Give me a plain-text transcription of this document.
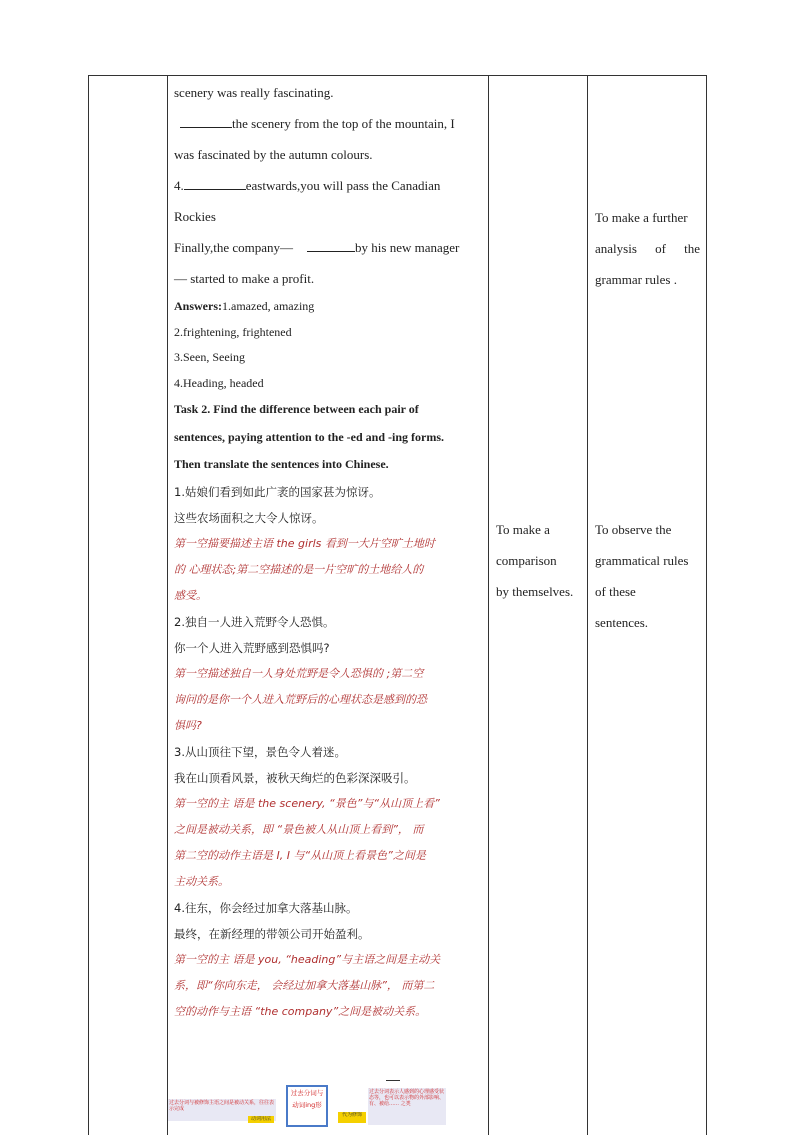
scenery was really fascinating.
the scenery from the top of the mountain, I
was fascinated by the autumn colours.
4.	eastwards,you will pass the Canadian
Rockies
Finally,the company—	by his new manager
— started to make a profit.
Answers:1.amazed, amazing
2.frightening, frightened
3.Seen, Seeing
4.Heading, headed
Task 2. Find the difference between each pair of
sentences, paying attention to the -ed and -ing forms.
Then translate the sentences into Chinese.
1.姑娘们看到如此广袤的国家甚为惊讶。
这些农场面积之大令人惊讶。
第一空描要描述主语 the girls 看到一大片空旷土地时
的 心理状态;第二空描述的是一片空旷的土地给人的
感受。
2.独自一人进入荒野令人恐惧。
你一个人进入荒野感到恐惧吗?
第一空描述独自一人身处荒野是令人恐惧的 ;第二空
询问的是你一个人进入荒野后的心理状态是感到的恐
惧吗?
3.从山顶往下望，景色令人着迷。
我在山顶看风景，被秋天绚烂的色彩深深吸引。
第一空的主 语是 the scenery, “景色”与“从山顶上看”
之间是被动关系，即 “景色被人从山顶上看到”， 而
第二空的动作主语是 I, I 与“从山顶上看景色”之间是
主动关系。
4.往东，你会经过加拿大落基山脉。
最终，在新经理的带领公司开始盈利。
第一空的主 语是 you, “heading”与主语之间是主动关
系，即“你向东走， 会经过加拿大落基山脉”， 而第二
空的动作与主语 “the company”之间是被动关系。
过去分词与被修饰主语之间是被动关系，往往表示完成
动词用法
过去分词与动词ing形
代为修饰
过去分词表示人感到的心理感受状态等，也可以表示物的外部影响、有、被给…… 之类
To make a
comparison
by themselves.
To make a further
analysis of the
grammar rules .
To observe the
grammatical rules
of these
sentences.
